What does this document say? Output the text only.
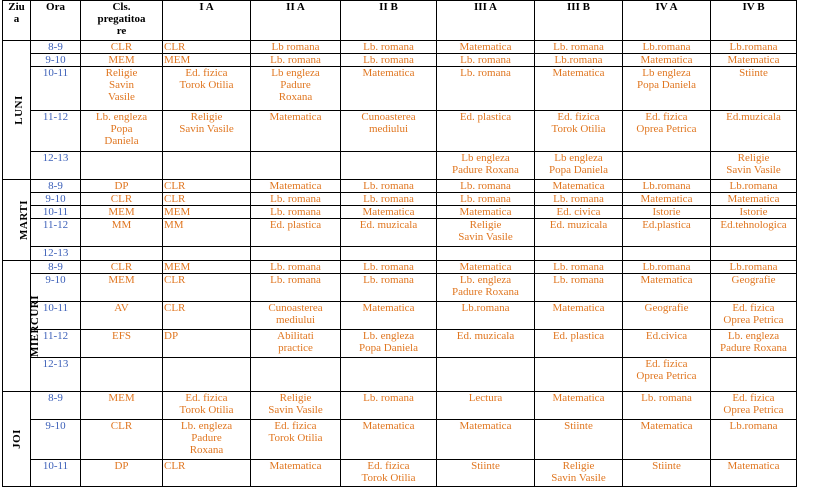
Ziu
a	Ora	Cls.
pregatitoa
re	I A	II A	II B	III A	III B	IV A	IV B
LUNI	8-9	CLR	CLR	Lb romana	Lb. romana	Matematica	Lb. romana	Lb.romana	Lb.romana
	9-10	MEM	MEM	Lb. romana	Lb. romana	Lb. romana	Lb.romana	Matematica	Matematica
	10-11	Religie
Savin
Vasile	Ed. fizica
Torok Otilia	Lb engleza
Padure
Roxana	Matematica	Lb. romana	Matematica	Lb engleza
Popa Daniela	Stiinte
	11-12	Lb. engleza
Popa
Daniela	Religie
Savin Vasile	Matematica	Cunoasterea
mediului	Ed. plastica	Ed. fizica
Torok Otilia	Ed. fizica
Oprea Petrica	Ed.muzicala
	12-13					Lb engleza
Padure Roxana	Lb engleza
Popa Daniela		Religie
Savin Vasile
MARTI	8-9	DP	CLR	Matematica	Lb. romana	Lb. romana	Matematica	Lb.romana	Lb.romana
	9-10	CLR	CLR	Lb. romana	Lb. romana	Lb. romana	Lb. romana	Matematica	Matematica
	10-11	MEM	MEM	Lb. romana	Matematica	Matematica	Ed. civica	Istorie	Istorie
	11-12	MM	MM	Ed. plastica	Ed. muzicala	Religie
Savin Vasile	Ed. muzicala	Ed.plastica	Ed.tehnologica
	12-13								
MIERCURI	8-9	CLR	MEM	Lb. romana	Lb. romana	Matematica	Lb. romana	Lb.romana	Lb.romana
	9-10	MEM	CLR	Lb. romana	Lb. romana	Lb. engleza
Padure Roxana	Lb. romana	Matematica	Geografie
	10-11	AV	CLR	Cunoasterea
mediului	Matematica	Lb.romana	Matematica	Geografie	Ed. fizica
Oprea Petrica
	11-12	EFS	DP	Abilitati
practice	Lb. engleza
Popa Daniela	Ed. muzicala	Ed. plastica	Ed.civica	Lb. engleza
Padure Roxana
	12-13							Ed. fizica
Oprea Petrica	
JOI	8-9	MEM	Ed. fizica
Torok Otilia	Religie
Savin Vasile	Lb. romana	Lectura	Matematica	Lb. romana	Ed. fizica
Oprea Petrica
	9-10	CLR	Lb. engleza
Padure
Roxana	Ed. fizica
Torok Otilia	Matematica	Matematica	Stiinte	Matematica	Lb.romana
	10-11	DP	CLR	Matematica	Ed. fizica
Torok Otilia	Stiinte	Religie
Savin Vasile	Stiinte	Matematica
